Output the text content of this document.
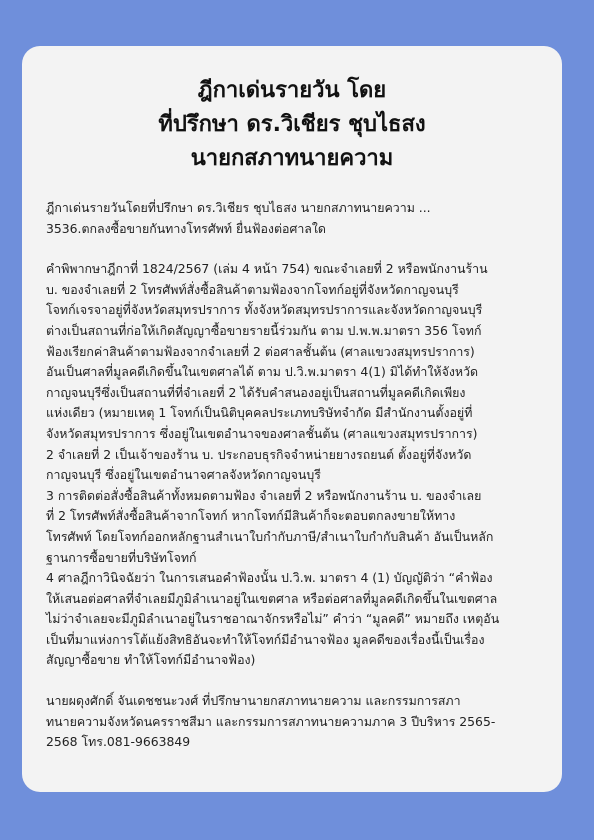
ฎีกาเด่นรายวัน โดย
ที่ปรึกษา ดร.วิเชียร ชุบไธสง
นายกสภาทนายความ
ฎีกาเด่นรายวันโดยที่ปรึกษา ดร.วิเชียร ชุบไธสง นายกสภาทนายความ ...
3536.ตกลงซื้อขายกันทางโทรศัพท์ ยื่นฟ้องต่อศาลใด
คำพิพากษาฎีกาที่ 1824/2567 (เล่ม 4 หน้า 754) ขณะจำเลยที่ 2 หรือพนักงานร้าน
บ. ของจำเลยที่ 2 โทรศัพท์สั่งซื้อสินค้าตามฟ้องจากโจทก์อยู่ที่จังหวัดกาญจนบุรี
โจทก์เจรจาอยู่ที่จังหวัดสมุทรปราการ ทั้งจังหวัดสมุทรปราการและจังหวัดกาญจนบุรี
ต่างเป็นสถานที่ก่อให้เกิดสัญญาซื้อขายรายนี้ร่วมกัน ตาม ป.พ.พ.มาตรา 356 โจทก์
ฟ้องเรียกค่าสินค้าตามฟ้องจากจำเลยที่ 2 ต่อศาลชั้นต้น (ศาลแขวงสมุทรปราการ)
อันเป็นศาลที่มูลคดีเกิดขึ้นในเขตศาลได้ ตาม ป.วิ.พ.มาตรา 4(1) มิได้ทำให้จังหวัด
กาญจนบุรีซึ่งเป็นสถานที่ที่จำเลยที่ 2 ได้รับคำสนองอยู่เป็นสถานที่มูลคดีเกิดเพียง
แห่งเดียว (หมายเหตุ 1 โจทก์เป็นนิติบุคคลประเภทบริษัทจำกัด มีสำนักงานตั้งอยู่ที่
จังหวัดสมุทรปราการ ซึ่งอยู่ในเขตอำนาจของศาลชั้นต้น (ศาลแขวงสมุทรปราการ)
2 จำเลยที่ 2 เป็นเจ้าของร้าน บ. ประกอบธุรกิจจำหน่ายยางรถยนต์ ตั้งอยู่ที่จังหวัด
กาญจนบุรี ซึ่งอยู่ในเขตอำนาจศาลจังหวัดกาญจนบุรี
3 การติดต่อสั่งซื้อสินค้าทั้งหมดตามฟ้อง จำเลยที่ 2 หรือพนักงานร้าน บ. ของจำเลย
ที่ 2 โทรศัพท์สั่งซื้อสินค้าจากโจทก์ หากโจทก์มีสินค้าก็จะตอบตกลงขายให้ทาง
โทรศัพท์ โดยโจทก์ออกหลักฐานสำเนาใบกำกับภาษี/สำเนาใบกำกับสินค้า อันเป็นหลัก
ฐานการซื้อขายที่บริษัทโจทก์
4 ศาลฎีกาวินิจฉัยว่า ในการเสนอคำฟ้องนั้น ป.วิ.พ. มาตรา 4 (1) บัญญัติว่า “คำฟ้อง
ให้เสนอต่อศาลที่จำเลยมีภูมิลำเนาอยู่ในเขตศาล หรือต่อศาลที่มูลคดีเกิดขึ้นในเขตศาล
ไม่ว่าจำเลยจะมีภูมิลำเนาอยู่ในราชอาณาจักรหรือไม่” คำว่า “มูลคดี” หมายถึง เหตุอัน
เป็นที่มาแห่งการโต้แย้งสิทธิอันจะทำให้โจทก์มีอำนาจฟ้อง มูลคดีของเรื่องนี้เป็นเรื่อง
สัญญาซื้อขาย ทำให้โจทก์มีอำนาจฟ้อง)
นายผดุงศักดิ์ จันเดชชนะวงศ์ ที่ปรึกษานายกสภาทนายความ และกรรมการสภา
ทนายความจังหวัดนครราชสีมา และกรรมการสภาทนายความภาค 3 ปีบริหาร 2565-
2568 โทร.081-9663849
